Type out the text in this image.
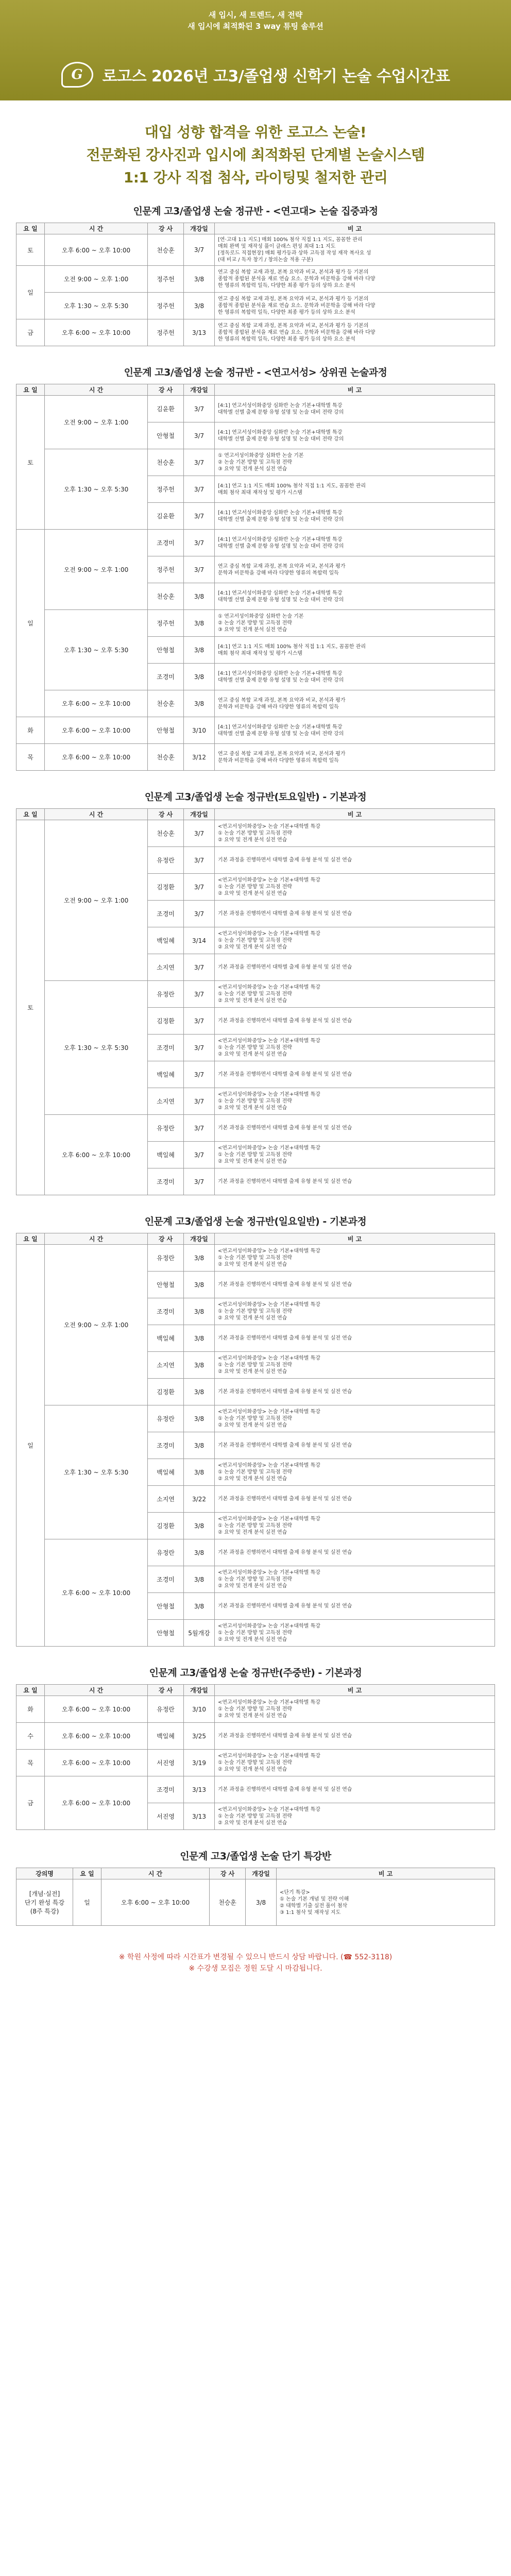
새 입시, 새 트렌드, 새 전략
새 입시에 최적화된 3 way 튜팅 솔루션
G	로고스 2026년 고3/졸업생 신학기 논술 수업시간표

대입 성향 합격을 위한 로고스 논술!

전문화된 강사진과 입시에 최적화된 단계별 논술시스템

1:1 강사 직접 첨삭, 라이팅및 철저한 관리

인문계 고3/졸업생 논술 정규반 - <연고대> 논술 집중과정
요 일	시 간	강 사	개강일	비 고
토	오후 6:00 ~ 오후 10:00	천승훈	3/7	[연·고대 1:1 지도] 매회 100% 첨삭 직접 1:1 지도, 꼼꼼한 관리
매회 완벽 및 재작성 풀이 클래스 편성 최대 1:1 지도
[정독로드 직접현장] 매회 평가등과 상하 고득점 작성 재작 복사요 성
(대 비교 / 독자 창기 / 창의논술 적용 구분)
일	오전 9:00 ~ 오후 1:00	정주헌	3/8	연고 중심 복합 교재 과정, 본복 요약과 비교, 본석과 평가 등 기본의
종합적 종합된 분석을 재료 연습 요소. 문학과 비문학을 강해 바라 다양
한 영류의 복합력 일득, 다양한 최종 평가 등의 상하 요소 분석
	오후 1:30 ~ 오후 5:30	정주헌	3/8	연고 중심 복합 교재 과정, 본복 요약과 비교, 본석과 평가 등 기본의
종합적 종합된 분석을 재료 연습 요소. 문학과 비문학을 강해 바라 다양
한 영류의 복합력 일득, 다양한 최종 평가 등의 상하 요소 분석
금	오후 6:00 ~ 오후 10:00	정주헌	3/13	연고 중심 복합 교재 과정, 본복 요약과 비교, 본석과 평가 등 기본의
종합적 종합된 분석을 재료 연습 요소. 문학과 비문학을 강해 바라 다양
한 영류의 복합력 일득, 다양한 최종 평가 등의 상하 요소 분석
인문계 고3/졸업생 논술 정규반 - <연고서성> 상위권 논술과정
요 일	시 간	강 사	개강일	비 고
토	오전 9:00 ~ 오후 1:00	김윤환	3/7	[4:1] 연고서성이화중앙 심화반 논술 기본+대학별 특강
대학별 선별 출제 문항 유형 설명 및 논술 대비 전략 강의
		안형철	3/7	[4:1] 연고서성이화중앙 심화반 논술 기본+대학별 특강
대학별 선별 출제 문항 유형 설명 및 논술 대비 전략 강의
	오후 1:30 ~ 오후 5:30	천승훈	3/7	① 연고서성이화중앙 심화반 논술 기본
② 논술 기본 방향 및 고득점 전략
③ 요약 및 전개 분석 실전 연습
		정주헌	3/7	[4:1] 연고 1:1 지도 매회 100% 첨삭 직접 1:1 지도, 꼼꼼한 관리
매회 첨삭 최대 재작성 및 평가 시스템
		김윤환	3/7	[4:1] 연고서성이화중앙 심화반 논술 기본+대학별 특강
대학별 선별 출제 문항 유형 설명 및 논술 대비 전략 강의
일	오전 9:00 ~ 오후 1:00	조경미	3/7	[4:1] 연고서성이화중앙 심화반 논술 기본+대학별 특강
대학별 선별 출제 문항 유형 설명 및 논술 대비 전략 강의
		정주헌	3/7	연고 중심 복합 교재 과정, 본복 요약과 비교, 본석과 평가
문학과 비문학을 강해 바라 다양한 영류의 복합력 일득
		천승훈	3/8	[4:1] 연고서성이화중앙 심화반 논술 기본+대학별 특강
대학별 선별 출제 문항 유형 설명 및 논술 대비 전략 강의
	오후 1:30 ~ 오후 5:30	정주헌	3/8	① 연고서성이화중앙 심화반 논술 기본
② 논술 기본 방향 및 고득점 전략
③ 요약 및 전개 분석 실전 연습
		안형철	3/8	[4:1] 연고 1:1 지도 매회 100% 첨삭 직접 1:1 지도, 꼼꼼한 관리
매회 첨삭 최대 재작성 및 평가 시스템
		조경미	3/8	[4:1] 연고서성이화중앙 심화반 논술 기본+대학별 특강
대학별 선별 출제 문항 유형 설명 및 논술 대비 전략 강의
	오후 6:00 ~ 오후 10:00	천승훈	3/8	연고 중심 복합 교재 과정, 본복 요약과 비교, 본석과 평가
문학과 비문학을 강해 바라 다양한 영류의 복합력 일득
화	오후 6:00 ~ 오후 10:00	안형철	3/10	[4:1] 연고서성이화중앙 심화반 논술 기본+대학별 특강
대학별 선별 출제 문항 유형 설명 및 논술 대비 전략 강의
목	오후 6:00 ~ 오후 10:00	천승훈	3/12	연고 중심 복합 교재 과정, 본복 요약과 비교, 본석과 평가
문학과 비문학을 강해 바라 다양한 영류의 복합력 일득
인문계 고3/졸업생 논술 정규반(토요일반) - 기본과정
요 일	시 간	강 사	개강일	비 고
토	오전 9:00 ~ 오후 1:00	천승훈	3/7	<연고서성이화중앙> 논술 기본+대학별 특강
① 논술 기본 방향 및 고득점 전략
② 요약 및 전개 분석 실전 연습
		유정란	3/7	기본 과정을 진행하면서 대학별 출제 유형 분석 및 실전 연습
		김정환	3/7	<연고서성이화중앙> 논술 기본+대학별 특강
① 논술 기본 방향 및 고득점 전략
② 요약 및 전개 분석 실전 연습
		조경미	3/7	기본 과정을 진행하면서 대학별 출제 유형 분석 및 실전 연습
		백일혜	3/14	<연고서성이화중앙> 논술 기본+대학별 특강
① 논술 기본 방향 및 고득점 전략
② 요약 및 전개 분석 실전 연습
		소지연	3/7	기본 과정을 진행하면서 대학별 출제 유형 분석 및 실전 연습
	오후 1:30 ~ 오후 5:30	유정란	3/7	<연고서성이화중앙> 논술 기본+대학별 특강
① 논술 기본 방향 및 고득점 전략
② 요약 및 전개 분석 실전 연습
		김정환	3/7	기본 과정을 진행하면서 대학별 출제 유형 분석 및 실전 연습
		조경미	3/7	<연고서성이화중앙> 논술 기본+대학별 특강
① 논술 기본 방향 및 고득점 전략
② 요약 및 전개 분석 실전 연습
		백일혜	3/7	기본 과정을 진행하면서 대학별 출제 유형 분석 및 실전 연습
		소지연	3/7	<연고서성이화중앙> 논술 기본+대학별 특강
① 논술 기본 방향 및 고득점 전략
② 요약 및 전개 분석 실전 연습
	오후 6:00 ~ 오후 10:00	유정란	3/7	기본 과정을 진행하면서 대학별 출제 유형 분석 및 실전 연습
		백일혜	3/7	<연고서성이화중앙> 논술 기본+대학별 특강
① 논술 기본 방향 및 고득점 전략
② 요약 및 전개 분석 실전 연습
		조경미	3/7	기본 과정을 진행하면서 대학별 출제 유형 분석 및 실전 연습
인문계 고3/졸업생 논술 정규반(일요일반) - 기본과정
요 일	시 간	강 사	개강일	비 고
일	오전 9:00 ~ 오후 1:00	유정란	3/8	<연고서성이화중앙> 논술 기본+대학별 특강
① 논술 기본 방향 및 고득점 전략
② 요약 및 전개 분석 실전 연습
		안형철	3/8	기본 과정을 진행하면서 대학별 출제 유형 분석 및 실전 연습
		조경미	3/8	<연고서성이화중앙> 논술 기본+대학별 특강
① 논술 기본 방향 및 고득점 전략
② 요약 및 전개 분석 실전 연습
		백일혜	3/8	기본 과정을 진행하면서 대학별 출제 유형 분석 및 실전 연습
		소지연	3/8	<연고서성이화중앙> 논술 기본+대학별 특강
① 논술 기본 방향 및 고득점 전략
② 요약 및 전개 분석 실전 연습
		김정환	3/8	기본 과정을 진행하면서 대학별 출제 유형 분석 및 실전 연습
	오후 1:30 ~ 오후 5:30	유정란	3/8	<연고서성이화중앙> 논술 기본+대학별 특강
① 논술 기본 방향 및 고득점 전략
② 요약 및 전개 분석 실전 연습
		조경미	3/8	기본 과정을 진행하면서 대학별 출제 유형 분석 및 실전 연습
		백일혜	3/8	<연고서성이화중앙> 논술 기본+대학별 특강
① 논술 기본 방향 및 고득점 전략
② 요약 및 전개 분석 실전 연습
		소지연	3/22	기본 과정을 진행하면서 대학별 출제 유형 분석 및 실전 연습
		김정환	3/8	<연고서성이화중앙> 논술 기본+대학별 특강
① 논술 기본 방향 및 고득점 전략
② 요약 및 전개 분석 실전 연습
	오후 6:00 ~ 오후 10:00	유정란	3/8	기본 과정을 진행하면서 대학별 출제 유형 분석 및 실전 연습
		조경미	3/8	<연고서성이화중앙> 논술 기본+대학별 특강
① 논술 기본 방향 및 고득점 전략
② 요약 및 전개 분석 실전 연습
		안형철	3/8	기본 과정을 진행하면서 대학별 출제 유형 분석 및 실전 연습
		안형철	5월개강	<연고서성이화중앙> 논술 기본+대학별 특강
① 논술 기본 방향 및 고득점 전략
② 요약 및 전개 분석 실전 연습
인문계 고3/졸업생 논술 정규반(주중반) - 기본과정
요 일	시 간	강 사	개강일	비 고
화	오후 6:00 ~ 오후 10:00	유정란	3/10	<연고서성이화중앙> 논술 기본+대학별 특강
① 논술 기본 방향 및 고득점 전략
② 요약 및 전개 분석 실전 연습
수	오후 6:00 ~ 오후 10:00	백일혜	3/25	기본 과정을 진행하면서 대학별 출제 유형 분석 및 실전 연습
목	오후 6:00 ~ 오후 10:00	서진영	3/19	<연고서성이화중앙> 논술 기본+대학별 특강
① 논술 기본 방향 및 고득점 전략
② 요약 및 전개 분석 실전 연습
금	오후 6:00 ~ 오후 10:00	조경미	3/13	기본 과정을 진행하면서 대학별 출제 유형 분석 및 실전 연습
		서진영	3/13	<연고서성이화중앙> 논술 기본+대학별 특강
① 논술 기본 방향 및 고득점 전략
② 요약 및 전개 분석 실전 연습
인문계 고3/졸업생 논술 단기 특강반
강의명	요 일	시 간	강 사	개강일	비 고
[개념·실전]
단기 완성 특강
(8주 특강)	일	오후 6:00 ~ 오후 10:00	천승훈	3/8	<단기 특강>
① 논술 기본 개념 및 전략 이해
② 대학별 기출 실전 풀이 첨삭
③ 1:1 첨삭 및 재작성 지도
※ 학원 사정에 따라 시간표가 변경될 수 있으니 반드시 상담 바랍니다. (☎ 552-3118)
※ 수강생 모집은 정원 도달 시 마감됩니다.
